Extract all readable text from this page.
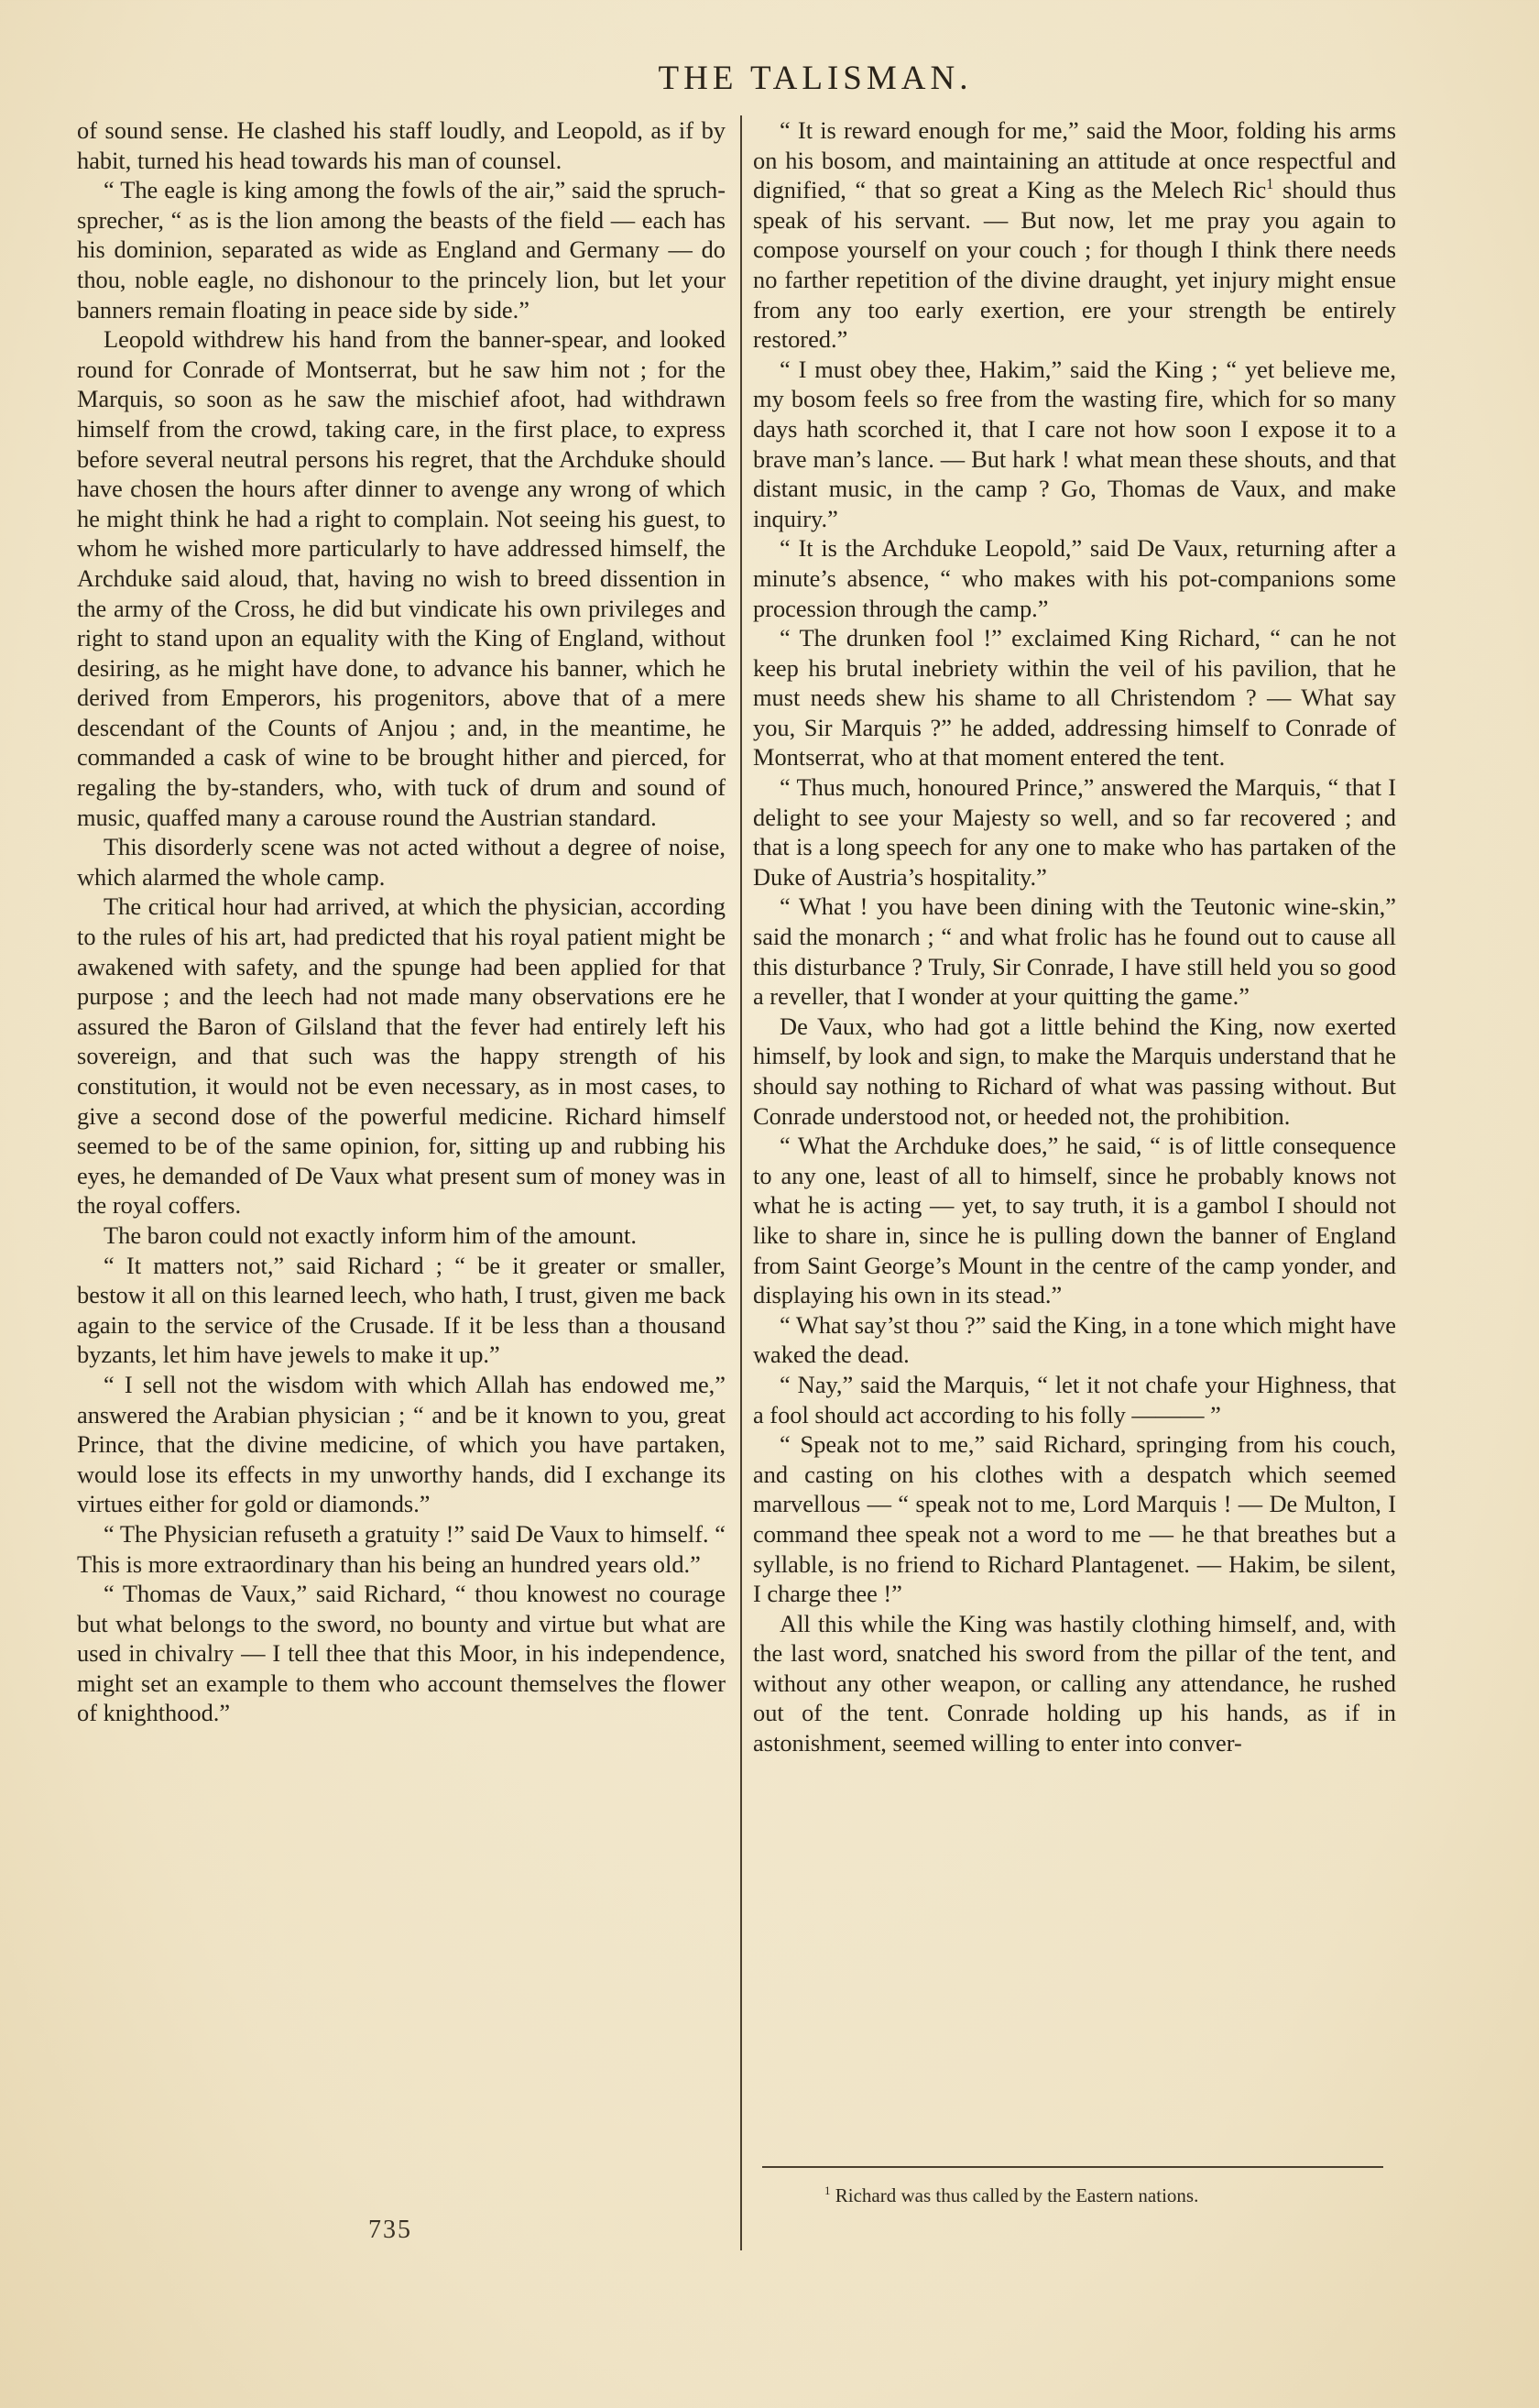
THE TALISMAN.

of sound sense. He clashed his staff loudly, and Leopold, as if by habit, turned his head towards his man of counsel.

“ The eagle is king among the fowls of the air,” said the spruch-sprecher, “ as is the lion among the beasts of the field — each has his dominion, separated as wide as England and Germany — do thou, noble eagle, no dishonour to the princely lion, but let your banners remain floating in peace side by side.”

Leopold withdrew his hand from the banner-spear, and looked round for Conrade of Montserrat, but he saw him not ; for the Marquis, so soon as he saw the mischief afoot, had withdrawn himself from the crowd, taking care, in the first place, to express before several neutral persons his regret, that the Archduke should have chosen the hours after dinner to avenge any wrong of which he might think he had a right to complain. Not seeing his guest, to whom he wished more particularly to have addressed himself, the Archduke said aloud, that, having no wish to breed dissention in the army of the Cross, he did but vindicate his own privileges and right to stand upon an equality with the King of England, without desiring, as he might have done, to advance his banner, which he derived from Emperors, his progenitors, above that of a mere descendant of the Counts of Anjou ; and, in the meantime, he commanded a cask of wine to be brought hither and pierced, for regaling the by-standers, who, with tuck of drum and sound of music, quaffed many a carouse round the Austrian standard.

This disorderly scene was not acted without a degree of noise, which alarmed the whole camp.

The critical hour had arrived, at which the physician, according to the rules of his art, had predicted that his royal patient might be awakened with safety, and the spunge had been applied for that purpose ; and the leech had not made many observations ere he assured the Baron of Gilsland that the fever had entirely left his sovereign, and that such was the happy strength of his constitution, it would not be even necessary, as in most cases, to give a second dose of the powerful medicine. Richard himself seemed to be of the same opinion, for, sitting up and rubbing his eyes, he demanded of De Vaux what present sum of money was in the royal coffers.

The baron could not exactly inform him of the amount.

“ It matters not,” said Richard ; “ be it greater or smaller, bestow it all on this learned leech, who hath, I trust, given me back again to the service of the Crusade. If it be less than a thousand byzants, let him have jewels to make it up.”

“ I sell not the wisdom with which Allah has endowed me,” answered the Arabian physician ; “ and be it known to you, great Prince, that the divine medicine, of which you have partaken, would lose its effects in my unworthy hands, did I exchange its virtues either for gold or diamonds.”

“ The Physician refuseth a gratuity !” said De Vaux to himself. “ This is more extraordinary than his being an hundred years old.”

“ Thomas de Vaux,” said Richard, “ thou knowest no courage but what belongs to the sword, no bounty and virtue but what are used in chivalry — I tell thee that this Moor, in his independence, might set an example to them who account themselves the flower of knighthood.”

“ It is reward enough for me,” said the Moor, folding his arms on his bosom, and maintaining an attitude at once respectful and dignified, “ that so great a King as the Melech Ric$^1$ should thus speak of his servant. — But now, let me pray you again to compose yourself on your couch ; for though I think there needs no farther repetition of the divine draught, yet injury might ensue from any too early exertion, ere your strength be entirely restored.”

“ I must obey thee, Hakim,” said the King ; “ yet believe me, my bosom feels so free from the wasting fire, which for so many days hath scorched it, that I care not how soon I expose it to a brave man’s lance. — But hark ! what mean these shouts, and that distant music, in the camp ? Go, Thomas de Vaux, and make inquiry.”

“ It is the Archduke Leopold,” said De Vaux, returning after a minute’s absence, “ who makes with his pot-companions some procession through the camp.”

“ The drunken fool !” exclaimed King Richard, “ can he not keep his brutal inebriety within the veil of his pavilion, that he must needs shew his shame to all Christendom ? — What say you, Sir Marquis ?” he added, addressing himself to Conrade of Montserrat, who at that moment entered the tent.

“ Thus much, honoured Prince,” answered the Marquis, “ that I delight to see your Majesty so well, and so far recovered ; and that is a long speech for any one to make who has partaken of the Duke of Austria’s hospitality.”

“ What ! you have been dining with the Teutonic wine-skin,” said the monarch ; “ and what frolic has he found out to cause all this disturbance ? Truly, Sir Conrade, I have still held you so good a reveller, that I wonder at your quitting the game.”

De Vaux, who had got a little behind the King, now exerted himself, by look and sign, to make the Marquis understand that he should say nothing to Richard of what was passing without. But Conrade understood not, or heeded not, the prohibition.

“ What the Archduke does,” he said, “ is of little consequence to any one, least of all to himself, since he probably knows not what he is acting — yet, to say truth, it is a gambol I should not like to share in, since he is pulling down the banner of England from Saint George’s Mount in the centre of the camp yonder, and displaying his own in its stead.”

“ What say’st thou ?” said the King, in a tone which might have waked the dead.

“ Nay,” said the Marquis, “ let it not chafe your Highness, that a fool should act according to his folly ——— ”

“ Speak not to me,” said Richard, springing from his couch, and casting on his clothes with a despatch which seemed marvellous — “ speak not to me, Lord Marquis ! — De Multon, I command thee speak not a word to me — he that breathes but a syllable, is no friend to Richard Plantagenet. — Hakim, be silent, I charge thee !”

All this while the King was hastily clothing himself, and, with the last word, snatched his sword from the pillar of the tent, and without any other weapon, or calling any attendance, he rushed out of the tent. Conrade holding up his hands, as if in astonishment, seemed willing to enter into conver-

735
$^1$ Richard was thus called by the Eastern nations.
